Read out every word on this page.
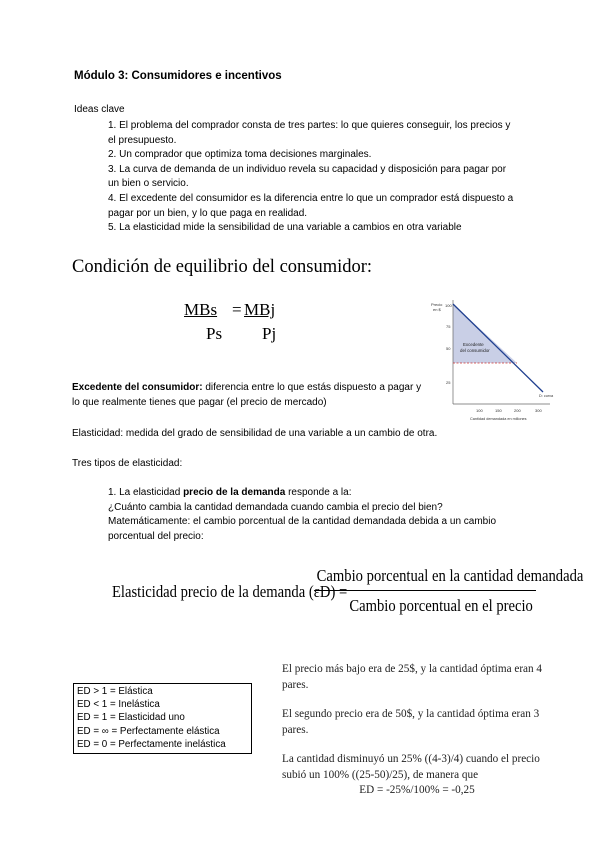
Módulo 3: Consumidores e incentivos
Ideas clave
1. El problema del comprador consta de tres partes: lo que quieres conseguir, los precios y el presupuesto.
2. Un comprador que optimiza toma decisiones marginales.
3. La curva de demanda de un individuo revela su capacidad y disposición para pagar por un bien o servicio.
4. El excedente del consumidor es la diferencia entre lo que un comprador está dispuesto a pagar por un bien, y lo que paga en realidad.
5. La elasticidad mide la sensibilidad de una variable a cambios en otra variable
Condición de equilibrio del consumidor:
MBs
Ps
= MBj
Pj
Precio
en $
100
75
50
25
Excedente
del consumidor
D: curva
100	150	200	300
Cantidad demandada en millones
Excedente del consumidor: diferencia entre lo que estás dispuesto a pagar y lo que realmente tienes que pagar (el precio de mercado)
Elasticidad: medida del grado de sensibilidad de una variable a un cambio de otra.
Tres tipos de elasticidad:
1. La elasticidad precio de la demanda responde a la:
¿Cuánto cambia la cantidad demandada cuando cambia el precio del bien?
Matemáticamente: el cambio porcentual de la cantidad demandada debida a un cambio porcentual del precio:
Elasticidad precio de la demanda (εD) =
Cambio porcentual en la cantidad demandada
Cambio porcentual en el precio
ED > 1 = Elástica
ED < 1 = Inelástica
ED = 1 = Elasticidad uno
ED = ∞ = Perfectamente elástica
ED = 0 = Perfectamente inelástica

El precio más bajo era de 25$, y la cantidad óptima eran 4 pares.

El segundo precio era de 50$, y la cantidad óptima eran 3 pares.

La cantidad disminuyó un 25% ((4-3)/4) cuando el precio subió un 100% ((25-50)/25), de manera que

ED = -25%/100% = -0,25
